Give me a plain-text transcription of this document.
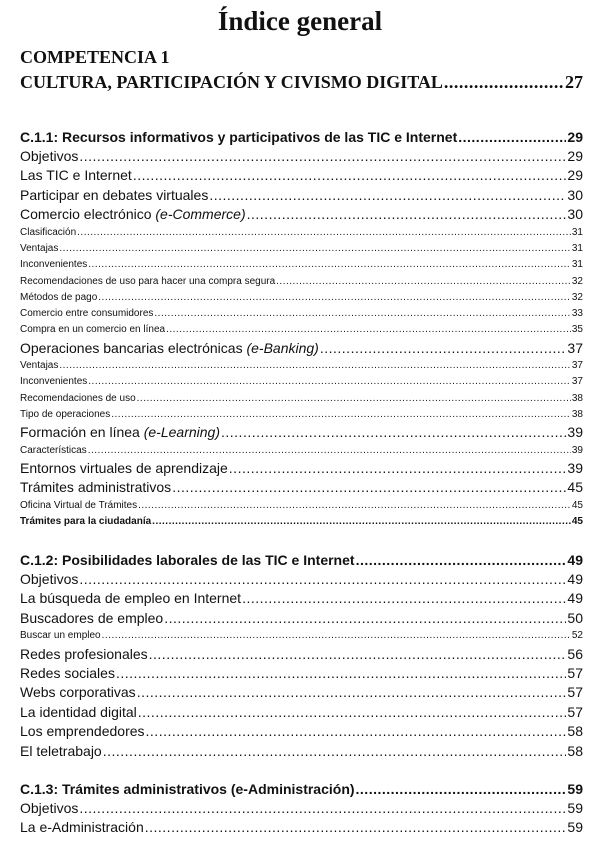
Índice general
COMPETENCIA 1
CULTURA, PARTICIPACIÓN Y CIVISMO DIGITAL .....	27
C.1.1: Recursos informativos y participativos de las TIC e Internet .....	29
Objetivos .....	29
Las TIC e Internet .....	29
Participar en debates virtuales .....	30
Comercio electrónico (e-Commerce) .....	30
Clasificación .....	31
Ventajas .....	31
Inconvenientes .....	31
Recomendaciones de uso para hacer una compra segura .....	32
Métodos de pago .....	32
Comercio entre consumidores .....	33
Compra en un comercio en línea .....	35
Operaciones bancarias electrónicas (e-Banking) .....	37
Ventajas .....	37
Inconvenientes .....	37
Recomendaciones de uso .....	38
Tipo de operaciones .....	38
Formación en línea (e-Learning) .....	39
Características .....	39
Entornos virtuales de aprendizaje .....	39
Trámites administrativos .....	45
Oficina Virtual de Trámites .....	45
Trámites para la ciudadanía .....	45
C.1.2: Posibilidades laborales de las TIC e Internet .....	49
Objetivos .....	49
La búsqueda de empleo en Internet .....	49
Buscadores de empleo .....	50
Buscar un empleo .....	52
Redes profesionales .....	56
Redes sociales .....	57
Webs corporativas .....	57
La identidad digital .....	57
Los emprendedores .....	58
El teletrabajo .....	58
C.1.3: Trámites administrativos (e-Administración) .....	59
Objetivos .....	59
La e-Administración .....	59
